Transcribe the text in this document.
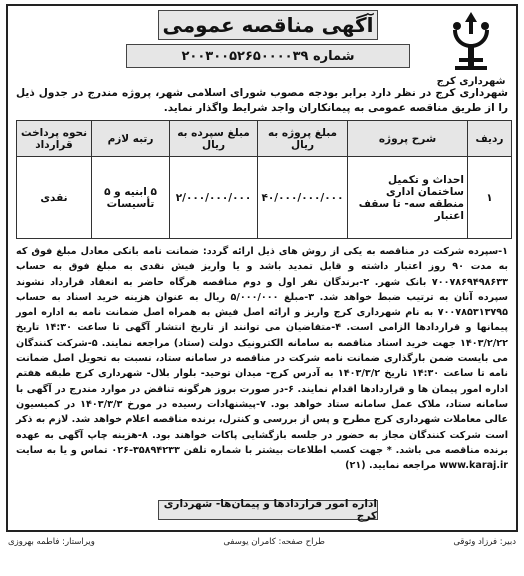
آگهی مناقصه عمومی
شماره ۲۰۰۳۰۰۵۲۶۵۰۰۰۰۳۹
شهرداری کرج
شهرداری کرج در نظر دارد برابر بودجه مصوب شورای اسلامی شهر، پروژه مندرج در جدول ذیل را از طریق مناقصه عمومی به پیمانکاران واجد شرایط واگذار نماید.
ردیف	شرح پروژه	مبلغ پروژه به ریال	مبلغ سپرده به ریال	رتبه لازم	نحوه پرداخت قرارداد
۱	احداث و تکمیل ساختمان اداری منطقه سه- تا سقف اعتبار	۴۰/۰۰۰/۰۰۰/۰۰۰	۲/۰۰۰/۰۰۰/۰۰۰	۵ ابنیه و ۵ تأسیسات	نقدی
۱-سپرده شرکت در مناقصه به یکی از روش های ذیل ارائه گردد: ضمانت نامه بانکی معادل مبلغ فوق که به مدت ۹۰ روز اعتبار داشته و قابل تمدید باشد و یا واریز فیش نقدی به مبلغ فوق به حساب ۷۰۰۷۸۶۹۴۹۸۶۳۳ بانک شهر. ۲-برندگان نفر اول و دوم مناقصه هرگاه حاضر به انعقاد قرارداد نشوند سپرده آنان به ترتیب ضبط خواهد شد. ۳-مبلغ ۵/۰۰۰/۰۰۰ ریال به عنوان هزینه خرید اسناد به حساب ۷۰۰۷۸۵۳۱۳۷۹۵ به نام شهرداری کرج واریز و ارائه اصل فیش به همراه اصل ضمانت نامه به اداره امور پیمانها و قراردادها الزامی است. ۴-متقاضیان می توانند از تاریخ انتشار آگهی تا ساعت ۱۴:۳۰ تاریخ ۱۴۰۳/۲/۲۲ جهت خرید اسناد مناقصه به سامانه الکترونیک دولت (ستاد) مراجعه نمایند. ۵-شرکت کنندگان می بایست ضمن بارگذاری ضمانت نامه شرکت در مناقصه در سامانه ستاد، نسبت به تحویل اصل ضمانت نامه تا ساعت ۱۴:۳۰ تاریخ ۱۴۰۳/۳/۲ به آدرس کرج- میدان توحید- بلوار بلال- شهرداری کرج طبقه هفتم اداره امور پیمان ها و قراردادها اقدام نمایند. ۶-در صورت بروز هرگونه تناقض در موارد مندرج در آگهی با سامانه ستاد، ملاک عمل سامانه ستاد خواهد بود. ۷-پیشنهادات رسیده در مورخ ۱۴۰۳/۳/۳ در کمیسیون عالی معاملات شهرداری کرج مطرح و پس از بررسی و کنترل، برنده مناقصه اعلام خواهد شد. لازم به ذکر است شرکت کنندگان مجاز به حضور در جلسه بازگشایی پاکات خواهند بود. ۸-هزینه چاپ آگهی به عهده برنده مناقصه می باشد. * جهت کسب اطلاعات بیشتر با شماره تلفن ۳۵۸۹۴۲۳۳-۰۲۶ تماس و یا به سایت www.karaj.ir مراجعه نمایید. (۲۱)
اداره امور قراردادها و پیمان‌ها- شهرداری کرج
دبیر: فرزاد وثوقی
طراح صفحه: کامران یوسفی
ویراستار: فاطمه بهروزی
